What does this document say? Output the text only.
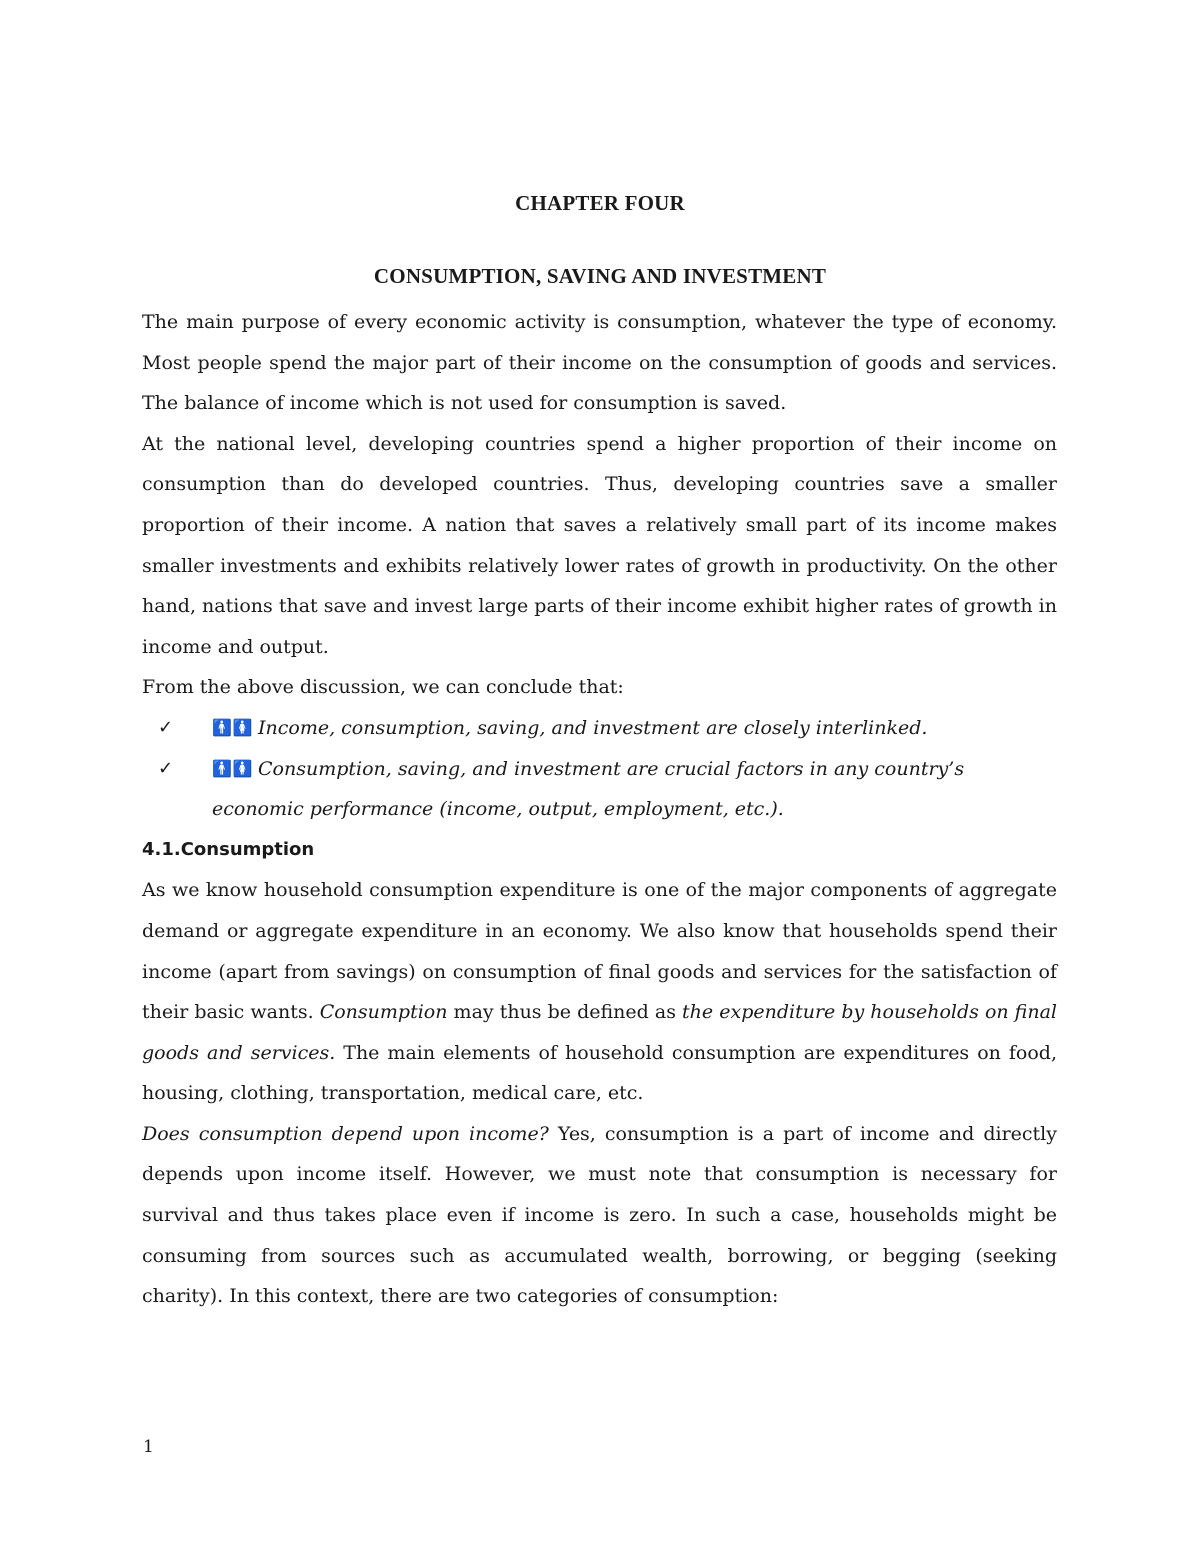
CHAPTER FOUR
CONSUMPTION, SAVING AND INVESTMENT

The main purpose of every economic activity is consumption, whatever the type of economy. Most people spend the major part of their income on the consumption of goods and services. The balance of income which is not used for consumption is saved.

At the national level, developing countries spend a higher proportion of their income on consumption than do developed countries. Thus, developing countries save a smaller proportion of their income. A nation that saves a relatively small part of its income makes smaller investments and exhibits relatively lower rates of growth in productivity. On the other hand, nations that save and invest large parts of their income exhibit higher rates of growth in income and output.

From the above discussion, we can conclude that:

✓ 🚹🚺 Income, consumption, saving, and investment are closely interlinked.
✓ 🚹🚺 Consumption, saving, and investment are crucial factors in any country’s economic performance (income, output, employment, etc.).

4.1.Consumption

As we know household consumption expenditure is one of the major components of aggregate demand or aggregate expenditure in an economy. We also know that households spend their income (apart from savings) on consumption of final goods and services for the satisfaction of their basic wants. Consumption may thus be defined as the expenditure by households on final goods and services. The main elements of household consumption are expenditures on food, housing, clothing, transportation, medical care, etc.

Does consumption depend upon income? Yes, consumption is a part of income and directly depends upon income itself. However, we must note that consumption is necessary for survival and thus takes place even if income is zero. In such a case, households might be consuming from sources such as accumulated wealth, borrowing, or begging (seeking charity). In this context, there are two categories of consumption:

1
